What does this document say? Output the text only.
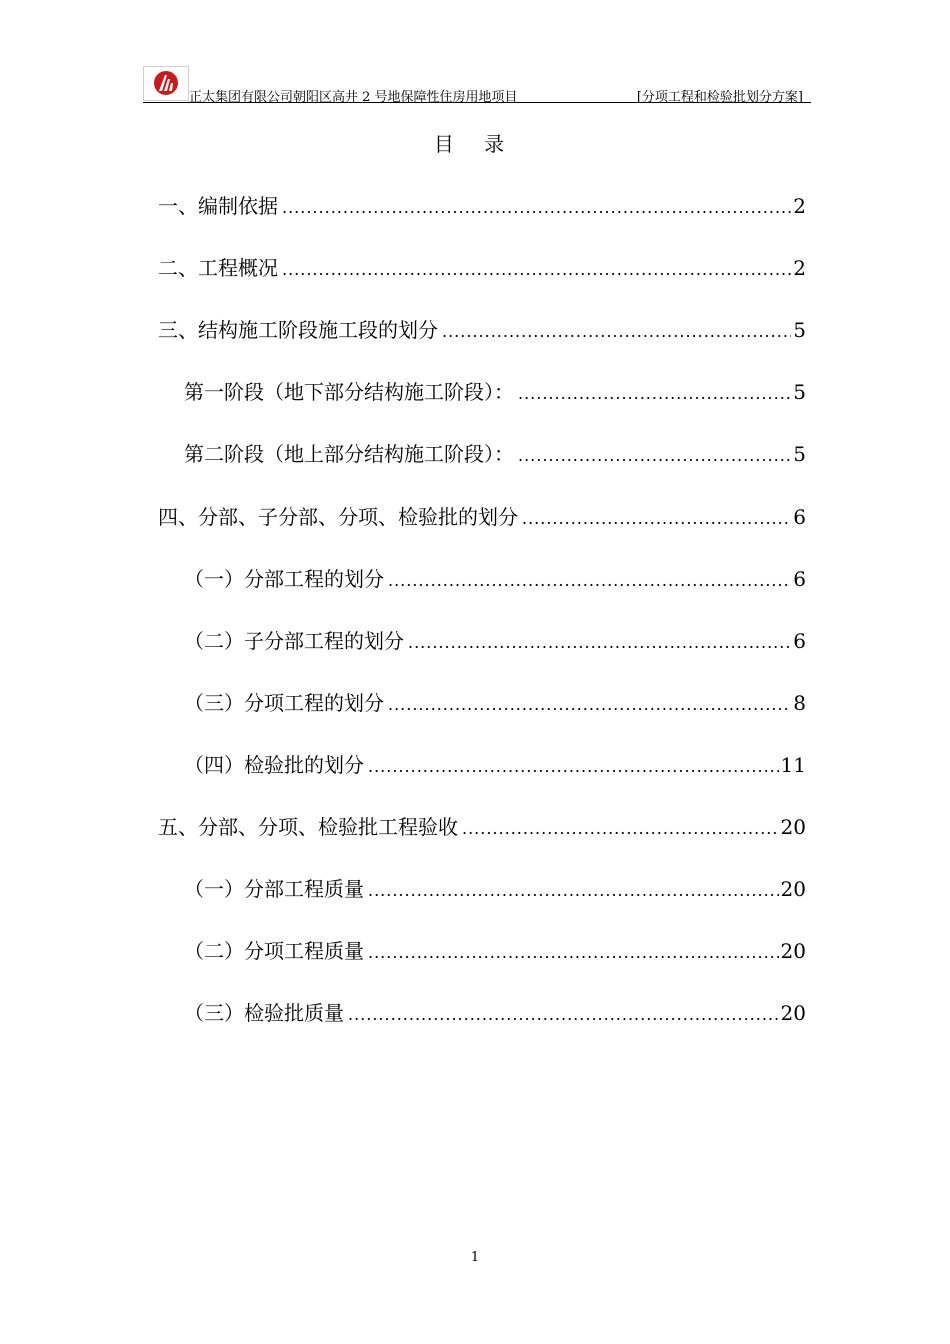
正太集团有限公司朝阳区高井 2 号地保障性住房用地项目	[分项工程和检验批划分方案]
目 录
一、编制依据 .....	2
二、工程概况 .....	2
三、结构施工阶段施工段的划分 .....	5
第一阶段（地下部分结构施工阶段）： .....	5
第二阶段（地上部分结构施工阶段）： .....	5
四、分部、子分部、分项、检验批的划分 .....	6
（一）分部工程的划分 .....	6
（二）子分部工程的划分 .....	6
（三）分项工程的划分 .....	8
（四）检验批的划分 .....	11
五、分部、分项、检验批工程验收 .....	20
（一）分部工程质量 .....	20
（二）分项工程质量 .....	20
（三）检验批质量 .....	20
1
